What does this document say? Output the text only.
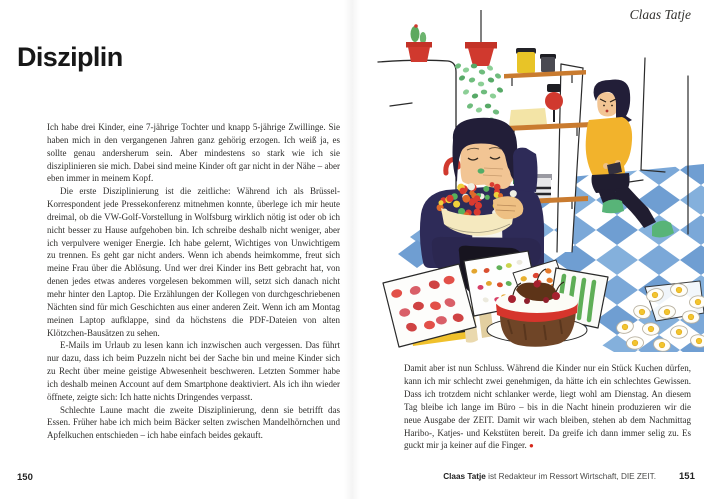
Disziplin

Ich habe drei Kinder, eine 7-jährige Tochter und knapp 5-jährige Zwillinge. Sie haben mich in den vergangenen Jahren ganz gehörig erzogen. Ich weiß ja, es sollte genau andersherum sein. Aber mindestens so stark wie ich sie disziplinieren sie mich. Dabei sind meine Kinder oft gar nicht in der Nähe – aber eben immer in meinem Kopf.

Die erste Disziplinierung ist die zeitliche: Während ich als Brüssel-Korrespondent jede Pressekonferenz mitnehmen konnte, überlege ich mir heute dreimal, ob die VW-Golf-Vorstellung in Wolfsburg wirklich nötig ist oder ob ich nicht besser zu Hause aufgehoben bin. Ich schreibe deshalb nicht weniger, aber ich verpulvere weniger Energie. Ich habe gelernt, Wichtiges von Unwichtigem zu trennen. Es geht gar nicht anders. Wenn ich abends heimkomme, freut sich meine Frau über die Ablösung. Und wer drei Kinder ins Bett gebracht hat, von denen jedes etwas anderes vorgelesen bekommen will, setzt sich danach nicht mehr hinter den Laptop. Die Erzählungen der Kollegen von durchgeschriebenen Nächten sind für mich Geschichten aus einer anderen Zeit. Wenn ich am Montag meinen Laptop aufklappe, sind da höchstens die PDF-Dateien von alten Klötzchen-Bausätzen zu sehen.

E-Mails im Urlaub zu lesen kann ich inzwischen auch vergessen. Das führt nur dazu, dass ich beim Puzzeln nicht bei der Sache bin und meine Kinder sich zu Recht über meine geistige Abwesenheit beschweren. Letzten Sommer habe ich deshalb meinen Account auf dem Smartphone deaktiviert. Als ich ihn wieder öffnete, zeigte sich: Ich hatte nichts Dringendes verpasst.

Schlechte Laune macht die zweite Disziplinierung, denn sie betrifft das Essen. Früher habe ich mich beim Bäcker selten zwischen Mandelhörnchen und Apfelkuchen entschieden – ich habe einfach beides gekauft.

150
Claas Tatje

Damit aber ist nun Schluss. Während die Kinder nur ein Stück Kuchen dürfen, kann ich mir schlecht zwei genehmigen, da hätte ich ein schlechtes Gewissen. Dass ich trotzdem nicht schlanker werde, liegt wohl am Dienstag. An diesem Tag bleibe ich lange im Büro – bis in die Nacht hinein produzieren wir die neue Ausgabe der ZEIT. Damit wir wach bleiben, stehen ab dem Nachmittag Haribo-, Katjes- und Kekstüten bereit. Da greife ich dann immer selig zu. Es guckt mir ja keiner auf die Finger. ●

Claas Tatje ist Redakteur im Ressort Wirtschaft, DIE ZEIT. 151
